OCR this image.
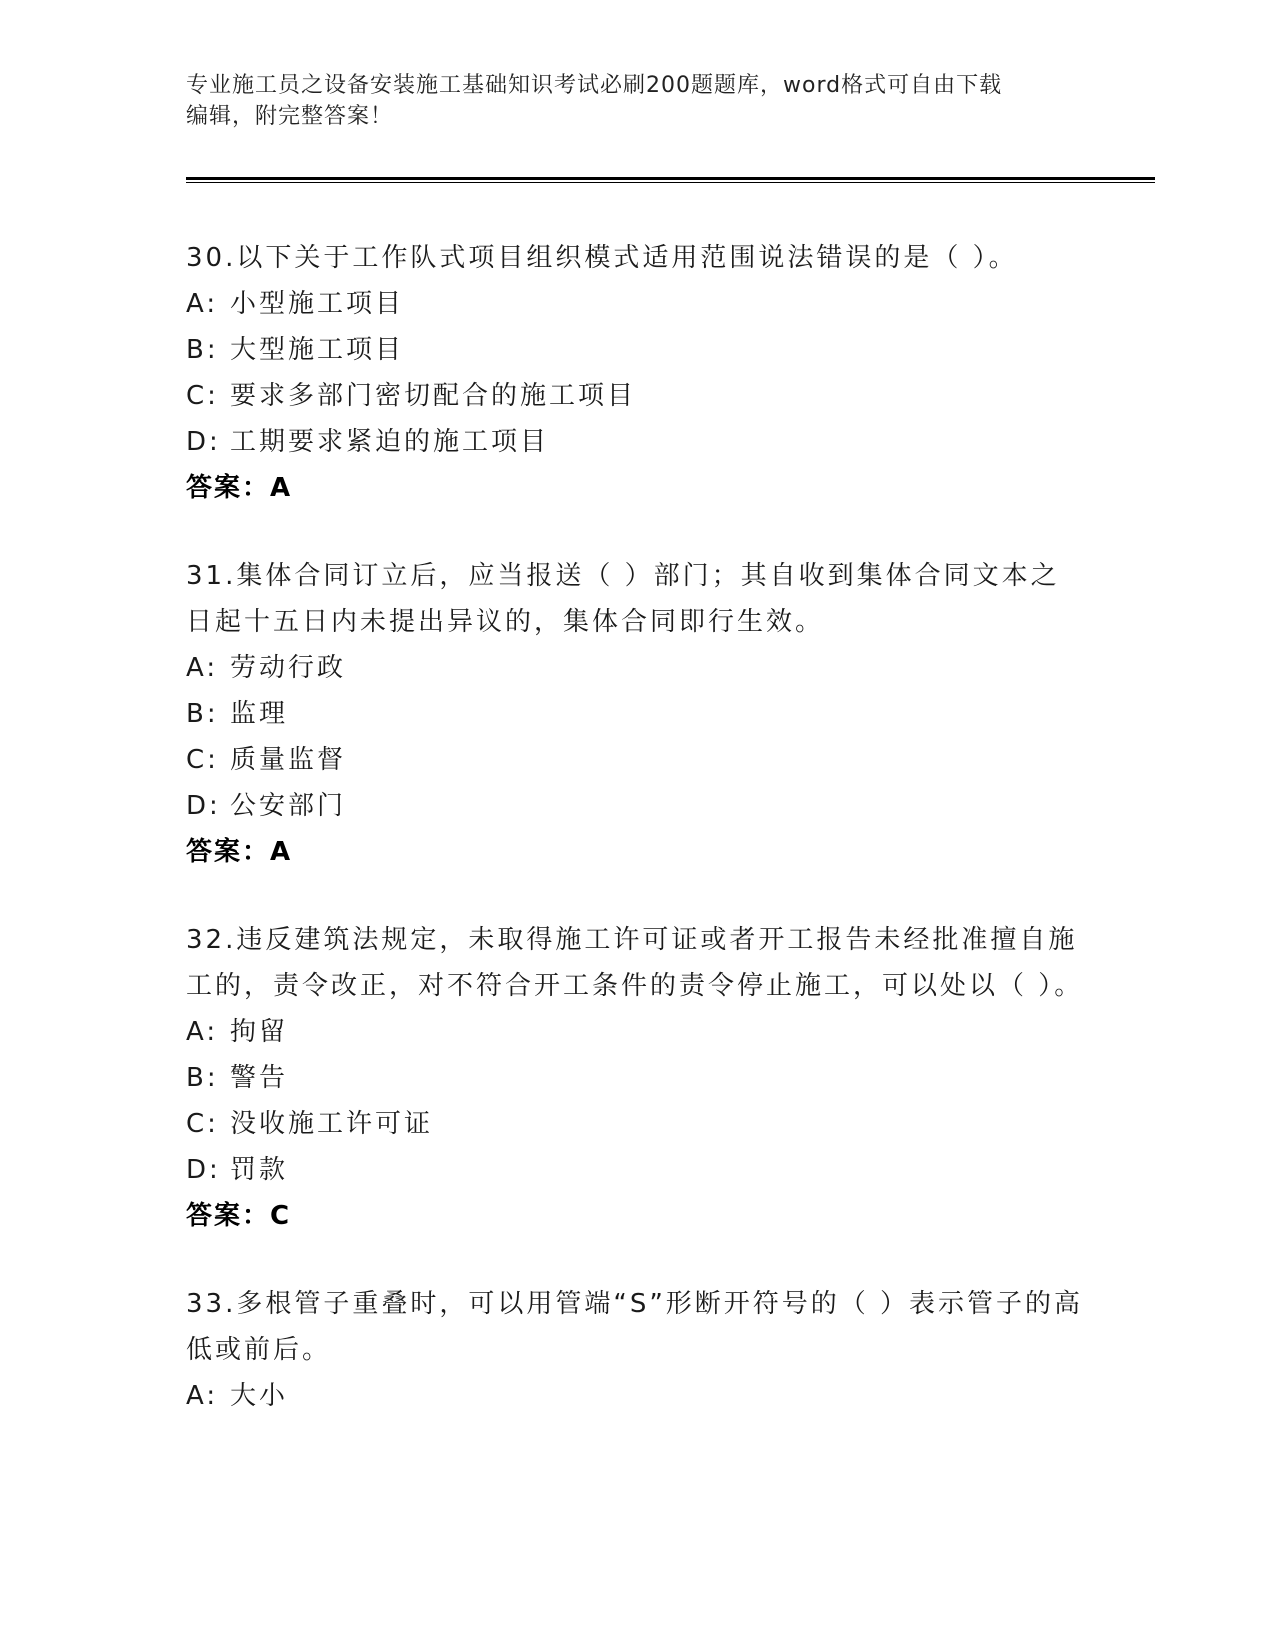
专业施工员之设备安装施工基础知识考试必刷200题题库，word格式可自由下载
编辑，附完整答案！
30.以下关于工作队式项目组织模式适用范围说法错误的是（ ）。
A: 小型施工项目
B: 大型施工项目
C: 要求多部门密切配合的施工项目
D: 工期要求紧迫的施工项目
答案：A
31.集体合同订立后，应当报送（ ）部门；其自收到集体合同文本之日起十五日内未提出异议的，集体合同即行生效。
A: 劳动行政
B: 监理
C: 质量监督
D: 公安部门
答案：A
32.违反建筑法规定，未取得施工许可证或者开工报告未经批准擅自施工的，责令改正，对不符合开工条件的责令停止施工，可以处以（ ）。
A: 拘留
B: 警告
C: 没收施工许可证
D: 罚款
答案：C
33.多根管子重叠时，可以用管端“S”形断开符号的（ ）表示管子的高低或前后。
A: 大小
